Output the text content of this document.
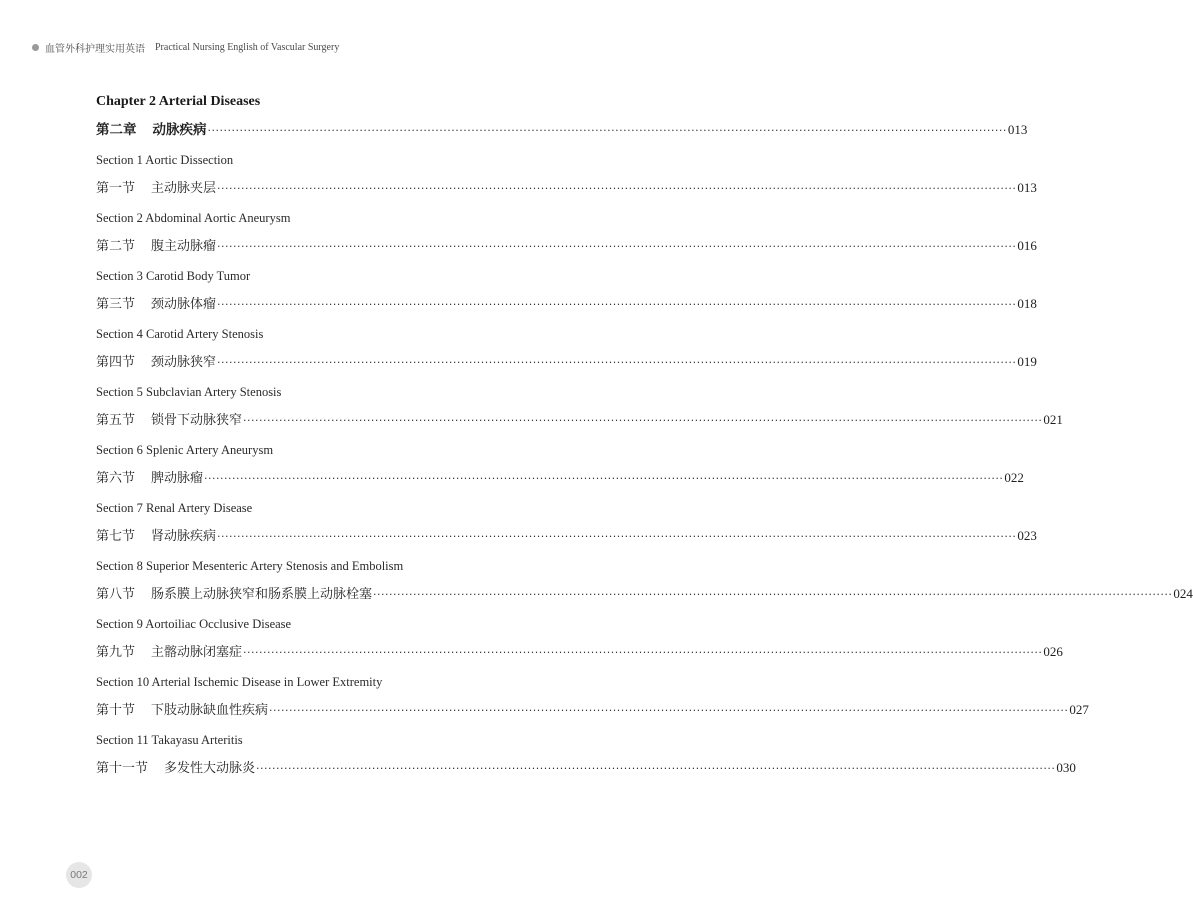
血管外科护理实用英语 Practical Nursing English of Vascular Surgery
Chapter 2 Arterial Diseases
第二章 动脉疾病 ········································································································································································································ 013
Section 1 Aortic Dissection
第一节 主动脉夹层 ········································································································································································································ 013
Section 2 Abdominal Aortic Aneurysm
第二节 腹主动脉瘤 ········································································································································································································ 016
Section 3 Carotid Body Tumor
第三节 颈动脉体瘤 ········································································································································································································ 018
Section 4 Carotid Artery Stenosis
第四节 颈动脉狭窄 ········································································································································································································ 019
Section 5 Subclavian Artery Stenosis
第五节 锁骨下动脉狭窄 ········································································································································································································ 021
Section 6 Splenic Artery Aneurysm
第六节 脾动脉瘤 ········································································································································································································ 022
Section 7 Renal Artery Disease
第七节 肾动脉疾病 ········································································································································································································ 023
Section 8 Superior Mesenteric Artery Stenosis and Embolism
第八节 肠系膜上动脉狭窄和肠系膜上动脉栓塞 ········································································································································································································ 024
Section 9 Aortoiliac Occlusive Disease
第九节 主髂动脉闭塞症 ········································································································································································································ 026
Section 10 Arterial Ischemic Disease in Lower Extremity
第十节 下肢动脉缺血性疾病 ········································································································································································································ 027
Section 11 Takayasu Arteritis
第十一节 多发性大动脉炎 ········································································································································································································ 030
002
